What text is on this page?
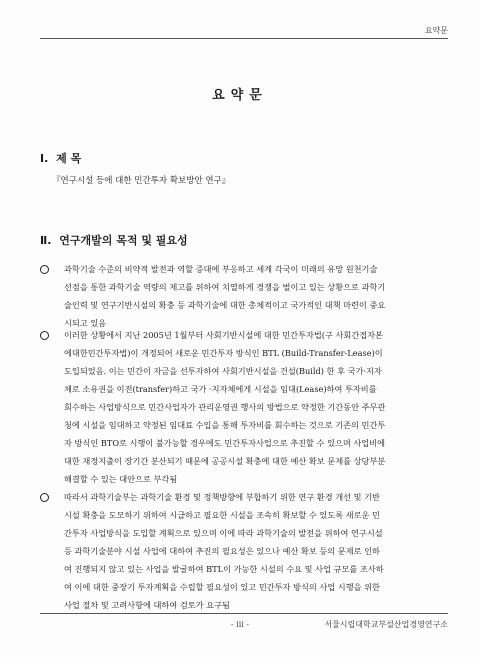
요약문
요약문
Ⅰ. 제 목
『연구시설 등에 대한 민간투자 확보방안 연구』
Ⅱ. 연구개발의 목적 및 필요성
과학기술 수준의 비약적 발전과 역할 증대에 부응하고 세계 각국이 미래의 유망 원천기술
선점을 통한 과학기술 역량의 제고를 위하여 치열하게 경쟁을 벌이고 있는 상황으로 과학기
술인력 및 연구기반시설의 확충 등 과학기술에 대한 총체적이고 국가적인 대책 마련이 중요
시되고 있음
이러한 상황에서 지난 2005년 1월부터 사회기반시설에 대한 민간투자법(구 사회간접자본
에대한민간투자법)이 개정되어 새로운 민간투자 방식인 BTL (Build-Transfer-Lease)이
도입되었음. 이는 민간이 자금을 선투자하여 사회기반시설을 건설(Build) 한 후 국가·지자
체로 소유권을 이전(transfer)하고 국가 ·지자체에게 시설을 임대(Lease)하여 투자비를
회수하는 사업방식으로 민간사업자가 관리운영권 행사의 방법으로 약정한 기간동안 주무관
청에 시설을 임대하고 약정된 임대료 수입을 통해 투자비를 회수하는 것으로 기존의 민간투
자 방식인 BTO로 시행이 불가능할 경우에도 민간투자사업으로 추진할 수 있으며 사업비에
대한 재정지출이 장기간 분산되기 때문에 공공시설 확충에 대한 예산 확보 문제를 상당부분
해결할 수 있는 대안으로 부각됨
따라서 과학기술부는 과학기술 환경 및 정책방향에 부합하기 위한 연구 환경 개선 및 기반
시설 확충을 도모하기 위하여 시급하고 필요한 시설을 조속히 확보할 수 있도록 새로운 민
간투자 사업방식을 도입할 계획으로 있으며 이에 따라 과학기술의 발전을 위하여 연구시설
등 과학기술분야 시설 사업에 대하여 추진의 필요성은 있으나 예산 확보 등의 문제로 인하
여 진행되지 않고 있는 사업을 발굴하여 BTL이 가능한 시설의 수요 및 사업 규모를 조사하
여 이에 대한 중장기 투자계획을 수립할 필요성이 있고 민간투자 방식의 사업 시행을 위한
사업 절차 및 고려사항에 대하여 검토가 요구됨
- iii -	서울시립대학교부설산업경영연구소
